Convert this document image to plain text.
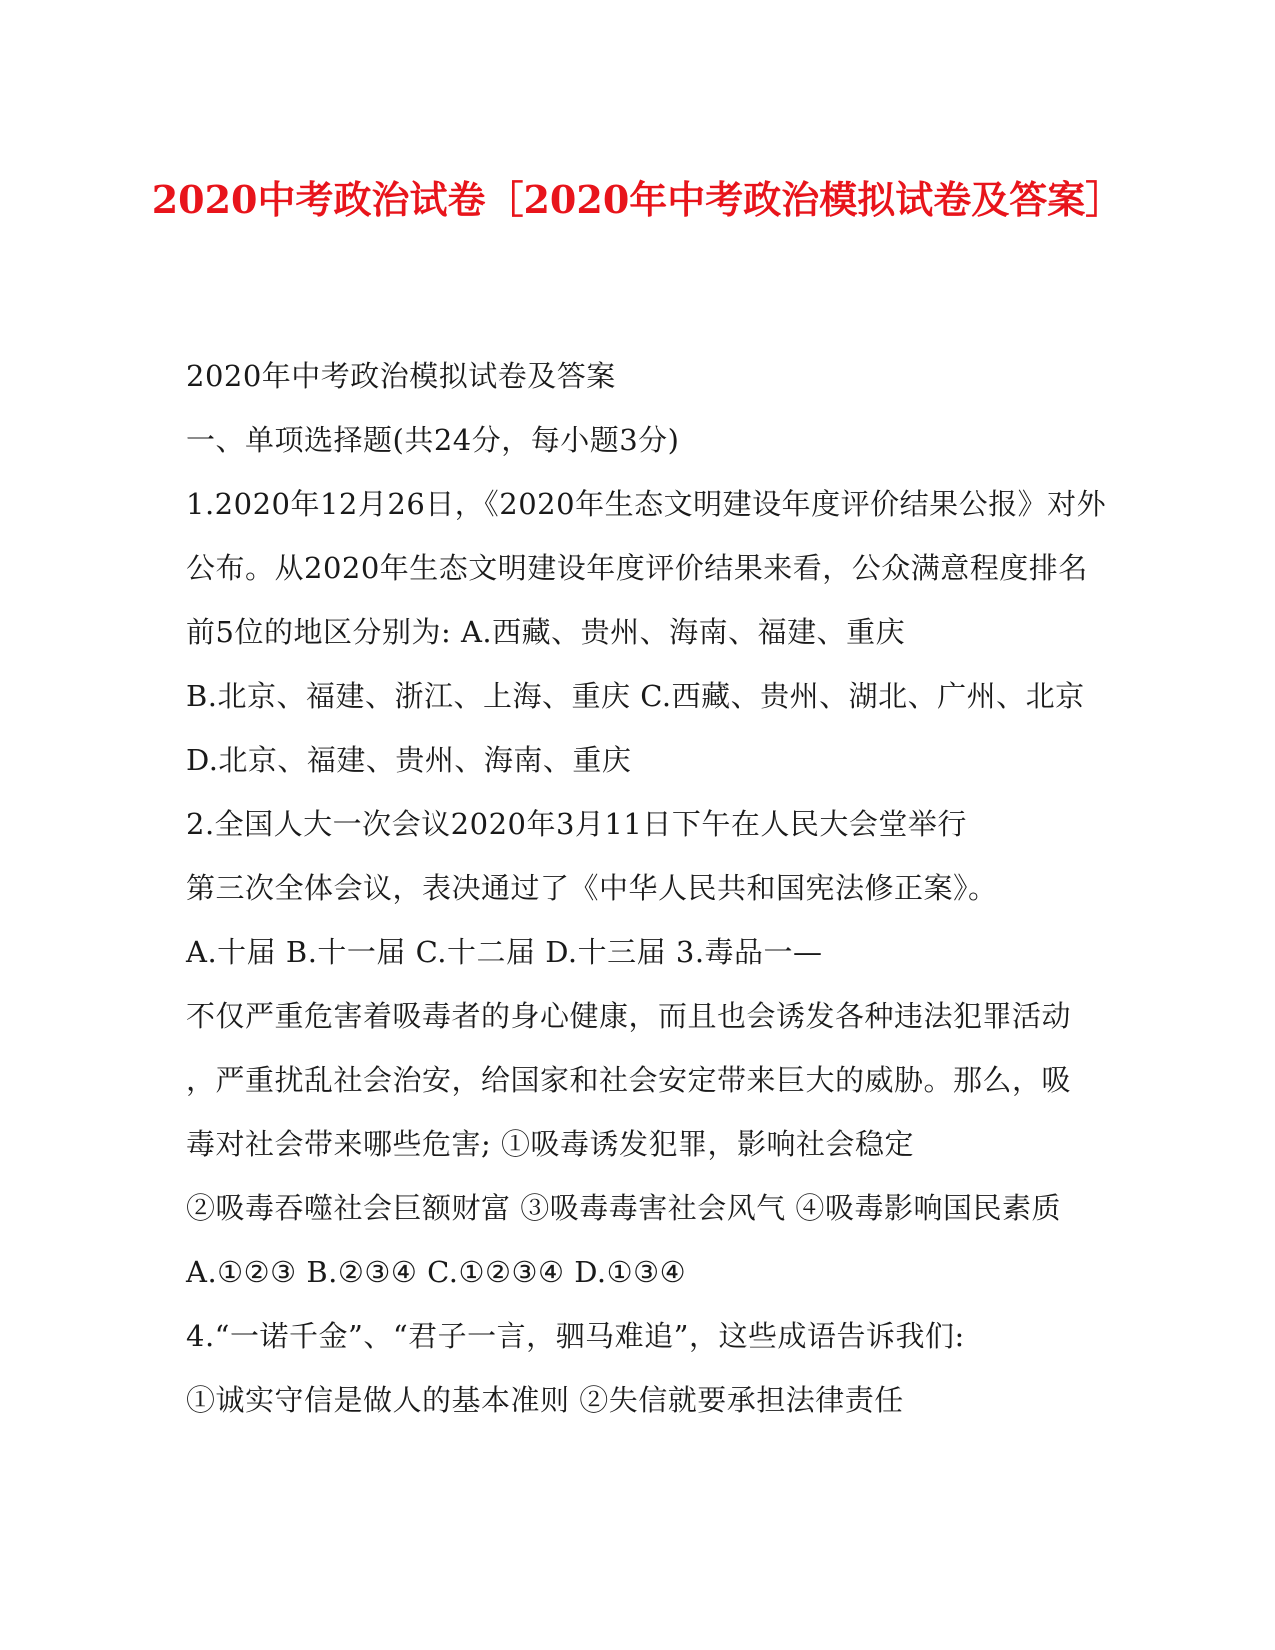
2020中考政治试卷［2020年中考政治模拟试卷及答案］
2020年中考政治模拟试卷及答案
一、单项选择题(共24分，每小题3分)
1.2020年12月26日，《2020年生态文明建设年度评价结果公报》对外
公布。从2020年生态文明建设年度评价结果来看，公众满意程度排名
前5位的地区分别为: A.西藏、贵州、海南、福建、重庆
B.北京、福建、浙江、上海、重庆 C.西藏、贵州、湖北、广州、北京
D.北京、福建、贵州、海南、重庆
2.全国人大一次会议2020年3月11日下午在人民大会堂举行
第三次全体会议，表决通过了《中华人民共和国宪法修正案》。
A.十届 B.十一届 C.十二届 D.十三届 3.毒品一—
不仅严重危害着吸毒者的身心健康，而且也会诱发各种违法犯罪活动
，严重扰乱社会治安，给国家和社会安定带来巨大的威胁。那么，吸
毒对社会带来哪些危害; ①吸毒诱发犯罪，影响社会稳定
②吸毒吞噬社会巨额财富 ③吸毒毒害社会风气 ④吸毒影响国民素质
A.①②③ B.②③④ C.①②③④ D.①③④
4.“一诺千金”、“君子一言，驷马难追”，这些成语告诉我们:
①诚实守信是做人的基本准则 ②失信就要承担法律责任
